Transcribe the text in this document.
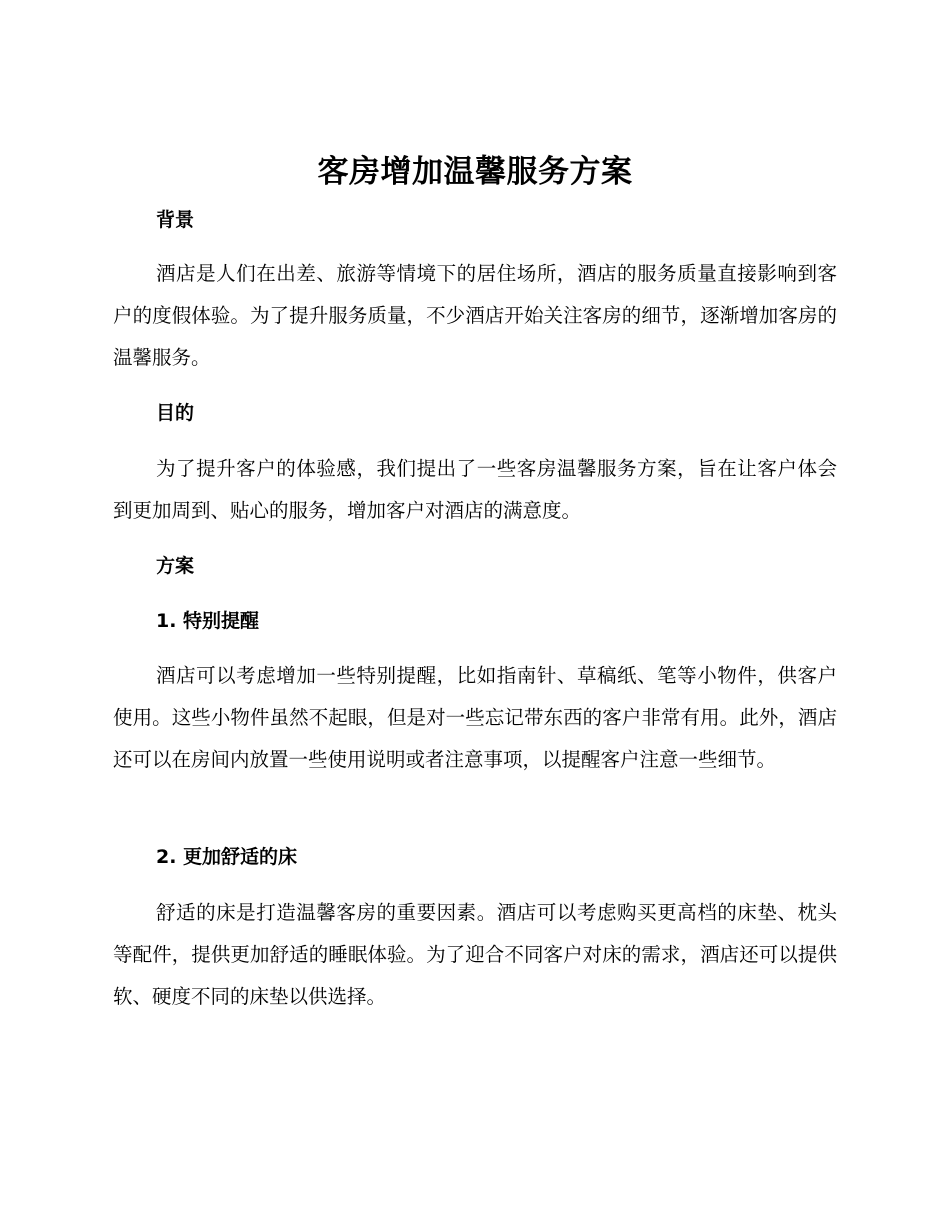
客房增加温馨服务方案
背景

酒店是人们在出差、旅游等情境下的居住场所，酒店的服务质量直接影响到客户的度假体验。为了提升服务质量，不少酒店开始关注客房的细节，逐渐增加客房的温馨服务。

目的

为了提升客户的体验感，我们提出了一些客房温馨服务方案，旨在让客户体会到更加周到、贴心的服务，增加客户对酒店的满意度。

方案
1. 特别提醒

酒店可以考虑增加一些特别提醒，比如指南针、草稿纸、笔等小物件，供客户使用。这些小物件虽然不起眼，但是对一些忘记带东西的客户非常有用。此外，酒店还可以在房间内放置一些使用说明或者注意事项，以提醒客户注意一些细节。

2. 更加舒适的床

舒适的床是打造温馨客房的重要因素。酒店可以考虑购买更高档的床垫、枕头等配件，提供更加舒适的睡眠体验。为了迎合不同客户对床的需求，酒店还可以提供软、硬度不同的床垫以供选择。
